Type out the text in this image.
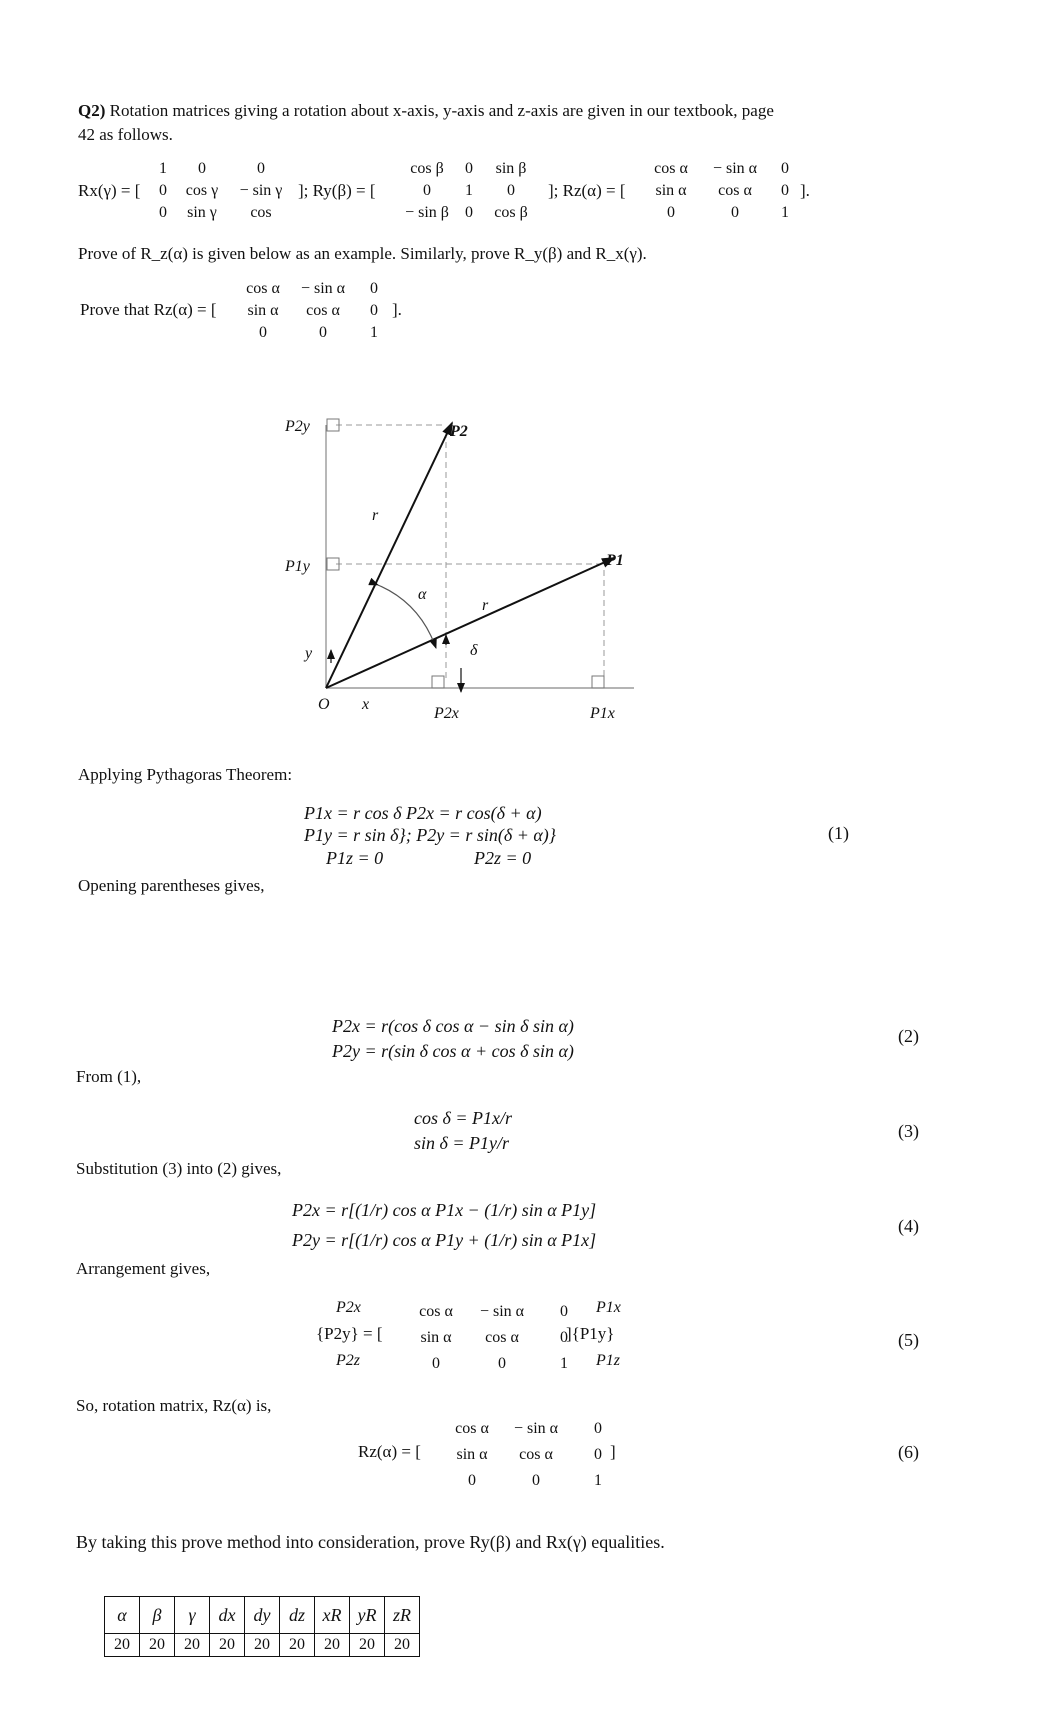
Q2) Rotation matrices giving a rotation about x-axis, y-axis and z-axis are given in our textbook, page
42 as follows.
Rx(γ) = [
1	0	0
0	cos γ	− sin γ
0	sin γ	cos
]; Ry(β) = [
cos β	0	sin β
0	1	0
− sin β	0	cos β
]; Rz(α) = [
cos α	− sin α	0
sin α	cos α	0
0	0	1
].
Prove of R_z(α) is given below as an example. Similarly, prove R_y(β) and R_x(γ).
Prove that Rz(α) = [
cos α	− sin α	0
sin α	cos α	0
0	0	1
].
P2y
P1y
P2
P1
r
r
α
δ
y
O x
P2x	P1x
Applying Pythagoras Theorem:
P1x = r cos δ P2x = r cos(δ + α)
P1y = r sin δ}; P2y = r sin(δ + α)}
P1z = 0	P2z = 0
(1)
Opening parentheses gives,
P2x = r(cos δ cos α − sin δ sin α)
P2y = r(sin δ cos α + cos δ sin α)
(2)
From (1),
cos δ = P1x/r
sin δ = P1y/r
(3)
Substitution (3) into (2) gives,
P2x = r[(1/r) cos α P1x − (1/r) sin α P1y]
P2y = r[(1/r) cos α P1y + (1/r) sin α P1x]
(4)
Arrangement gives,
P2x
{P2y} = [
P2z
cos α	− sin α	0
sin α	cos α	0
0	0	1
P1x
]{P1y}
P1z
(5)
So, rotation matrix, Rz(α) is,
Rz(α) = [
cos α	− sin α	0
sin α	cos α	0
0	0	1
]	(6)
By taking this prove method into consideration, prove Ry(β) and Rx(γ) equalities.
α	β	γ	dx	dy	dz	xR	yR	zR
20	20	20	20	20	20	20	20	20
